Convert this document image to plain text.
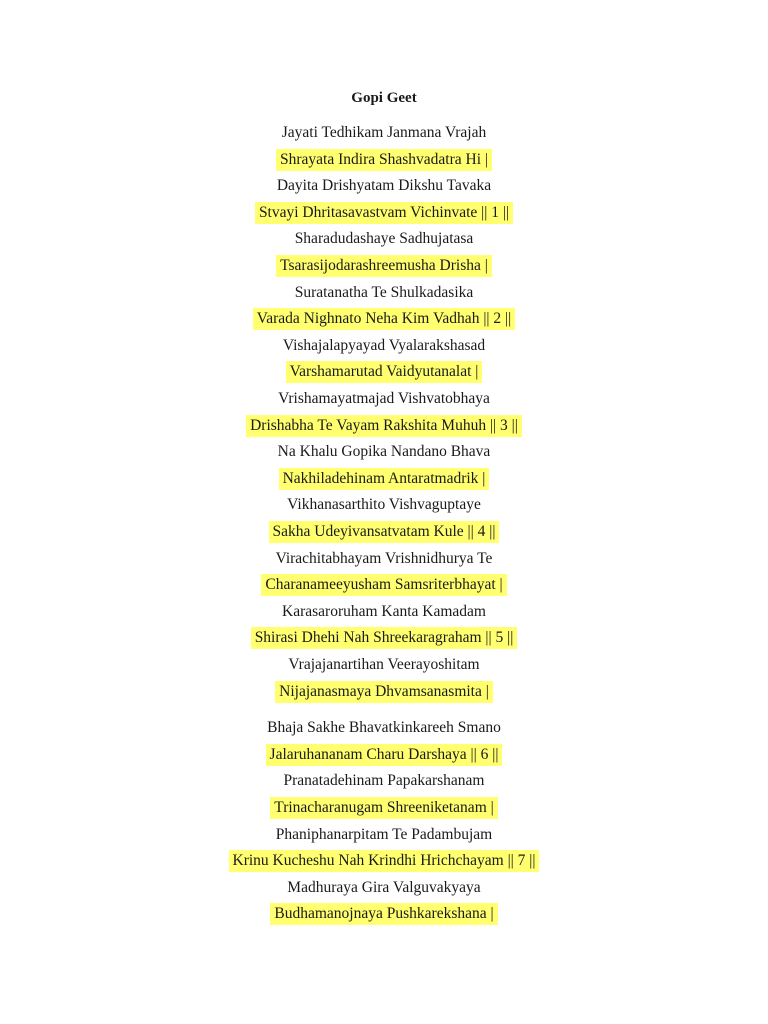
Gopi Geet
Jayati Tedhikam Janmana Vrajah
Shrayata Indira Shashvadatra Hi |
Dayita Drishyatam Dikshu Tavaka
Stvayi Dhritasavastvam Vichinvate || 1 ||
Sharadudashaye Sadhujatasa
Tsarasijodarashreemusha Drisha |
Suratanatha Te Shulkadasika
Varada Nighnato Neha Kim Vadhah || 2 ||
Vishajalapyayad Vyalarakshasad
Varshamarutad Vaidyutanalat |
Vrishamayatmajad Vishvatobhaya
Drishabha Te Vayam Rakshita Muhuh || 3 ||
Na Khalu Gopika Nandano Bhava
Nakhiladehinam Antaratmadrik |
Vikhanasarthito Vishvaguptaye
Sakha Udeyivansatvatam Kule || 4 ||
Virachitabhayam Vrishnidhurya Te
Charanameeyusham Samsriterbhayat |
Karasaroruham Kanta Kamadam
Shirasi Dhehi Nah Shreekaragraham || 5 ||
Vrajajanartihan Veerayoshitam
Nijajanasmaya Dhvamsanasmita |
Bhaja Sakhe Bhavatkinkareeh Smano
Jalaruhananam Charu Darshaya || 6 ||
Pranatadehinam Papakarshanam
Trinacharanugam Shreeniketanam |
Phaniphanarpitam Te Padambujam
Krinu Kucheshu Nah Krindhi Hrichchayam || 7 ||
Madhuraya Gira Valguvakyaya
Budhamanojnaya Pushkarekshana |
